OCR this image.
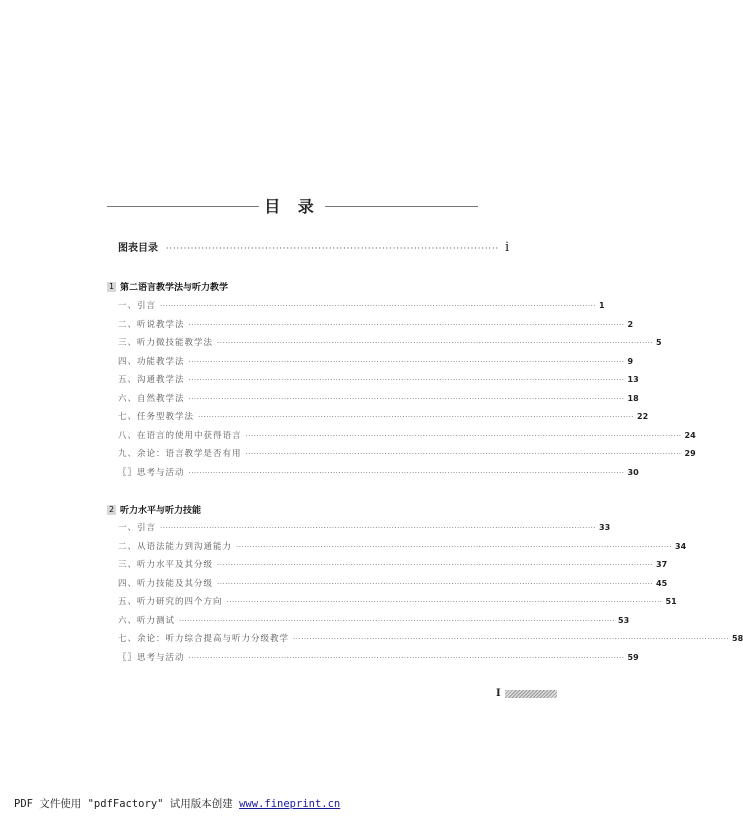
目 录
图表目录	······························································································ i
1 第二语言教学法与听力教学
一、引言 ································································································································································ 1
二、听说教学法 ································································································································································ 2
三、听力微技能教学法 ································································································································································ 5
四、功能教学法 ································································································································································ 9
五、沟通教学法 ································································································································································ 13
六、自然教学法 ································································································································································ 18
七、任务型教学法 ································································································································································ 22
八、在语言的使用中获得语言 ································································································································································ 24
九、余论：语言教学是否有用 ································································································································································ 29
〖〗思考与活动 ································································································································································ 30
2 听力水平与听力技能
一、引言 ································································································································································ 33
二、从语法能力到沟通能力 ································································································································································ 34
三、听力水平及其分级 ································································································································································ 37
四、听力技能及其分级 ································································································································································ 45
五、听力研究的四个方向 ································································································································································ 51
六、听力测试 ································································································································································ 53
七、余论：听力综合提高与听力分级教学 ································································································································································ 58
〖〗思考与活动 ································································································································································ 59
I
PDF 文件使用 "pdfFactory" 试用版本创建 www.fineprint.cn
